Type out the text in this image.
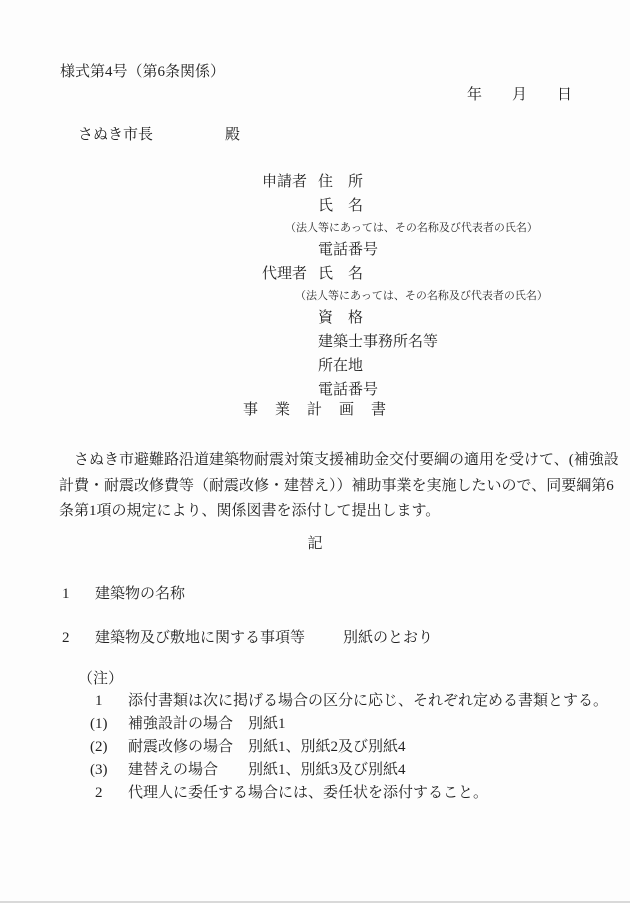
様式第4号（第6条関係）
年　　月　　日
さぬき市長	殿
申請者 住　所
氏　名
（法人等にあっては、その名称及び代表者の氏名）
電話番号
代理者 氏　名
（法人等にあっては、その名称及び代表者の氏名）
資　格
建築士事務所名等
所在地
電話番号
事　業　計　画　書
　さぬき市避難路沿道建築物耐震対策支援補助金交付要綱の適用を受けて、(補強設
計費・耐震改修費等（耐震改修・建替え））補助事業を実施したいので、同要綱第6
条第1項の規定により、関係図書を添付して提出します。
記
1 建築物の名称
2 建築物及び敷地に関する事項等	別紙のとおり
（注）
1 添付書類は次に掲げる場合の区分に応じ、それぞれ定める書類とする。
(1) 補強設計の場合 別紙1
(2) 耐震改修の場合 別紙1、別紙2及び別紙4
(3) 建替えの場合 別紙1、別紙3及び別紙4
2 代理人に委任する場合には、委任状を添付すること。
